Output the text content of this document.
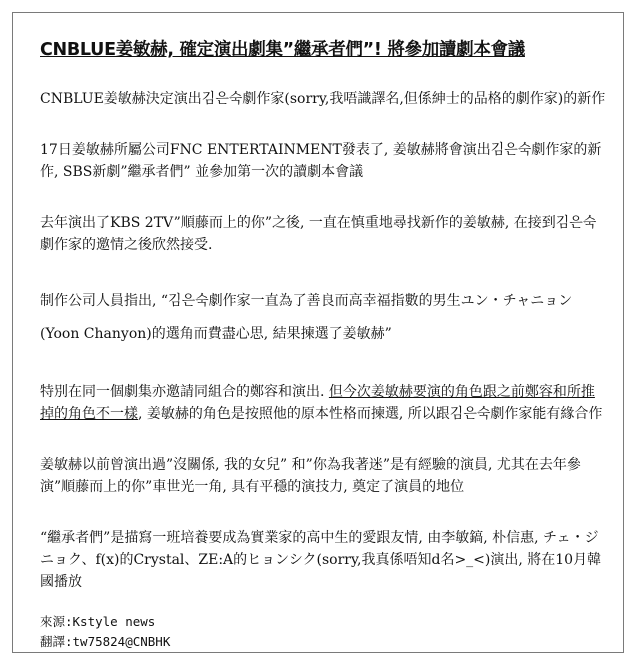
CNBLUE姜敏赫, 確定演出劇集”繼承者們”! 將參加讀劇本會議

CNBLUE姜敏赫決定演出김은숙劇作家(sorry,我唔識譯名,但係紳士的品格的劇作家)的新作

17日姜敏赫所屬公司FNC ENTERTAINMENT發表了, 姜敏赫將會演出김은숙劇作家的新作, SBS新劇”繼承者們” 並參加第一次的讀劇本會議

去年演出了KBS 2TV”順藤而上的你”之後, 一直在慎重地尋找新作的姜敏赫, 在接到김은숙劇作家的邀情之後欣然接受.

制作公司人員指出, “김은숙劇作家一直為了善良而高幸福指數的男生ユン・チャニョン(Yoon Chanyon)的選角而費盡心思, 結果揀選了姜敏赫”

特別在同一個劇集亦邀請同組合的鄭容和演出. 但今次姜敏赫要演的角色跟之前鄭容和所推掉的角色不一樣, 姜敏赫的角色是按照他的原本性格而揀選, 所以跟김은숙劇作家能有緣合作

姜敏赫以前曾演出過”沒關係, 我的女兒” 和”你為我著迷”是有經驗的演員, 尤其在去年參演”順藤而上的你”車世光一角, 具有平穩的演技力, 奠定了演員的地位

“繼承者們”是描寫一班培養要成為實業家的高中生的愛跟友情, 由李敏鎬, 朴信惠, チェ・ジニョク、f(x)的Crystal、ZE:A的ヒョンシク(sorry,我真係唔知d名>_<)演出, 將在10月韓國播放

來源:Kstyle news
翻譯:tw75824@CNBHK
